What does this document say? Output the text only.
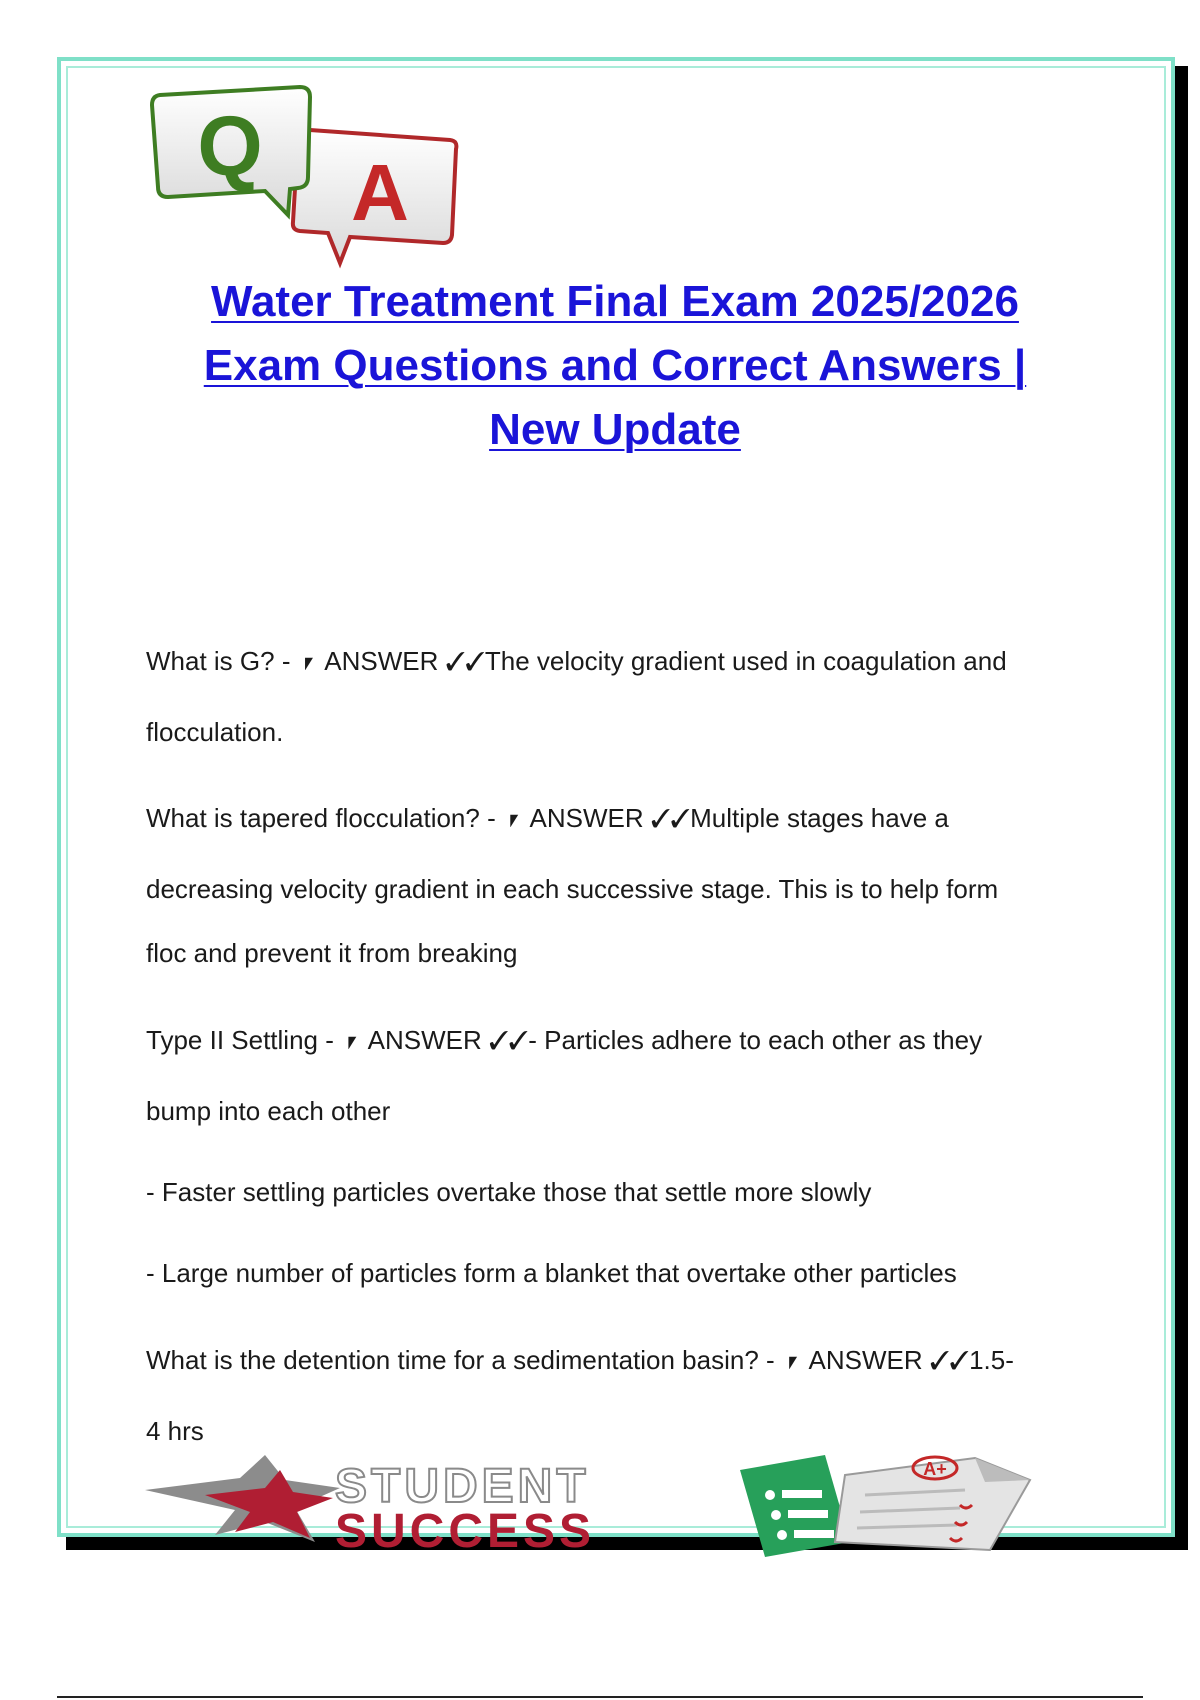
A
Q
Water Treatment Final Exam 2025/2026
Exam Questions and Correct Answers |
New Update
What is G? - ⎖ ANSWER ✓✓The velocity gradient used in coagulation and
flocculation.
What is tapered flocculation? - ⎖ ANSWER ✓✓Multiple stages have a
decreasing velocity gradient in each successive stage. This is to help form
floc and prevent it from breaking
Type II Settling - ⎖ ANSWER ✓✓- Particles adhere to each other as they
bump into each other
- Faster settling particles overtake those that settle more slowly
- Large number of particles form a blanket that overtake other particles
What is the detention time for a sedimentation basin? - ⎖ ANSWER ✓✓1.5-
4 hrs
STUDENT
SUCCESS
A+
